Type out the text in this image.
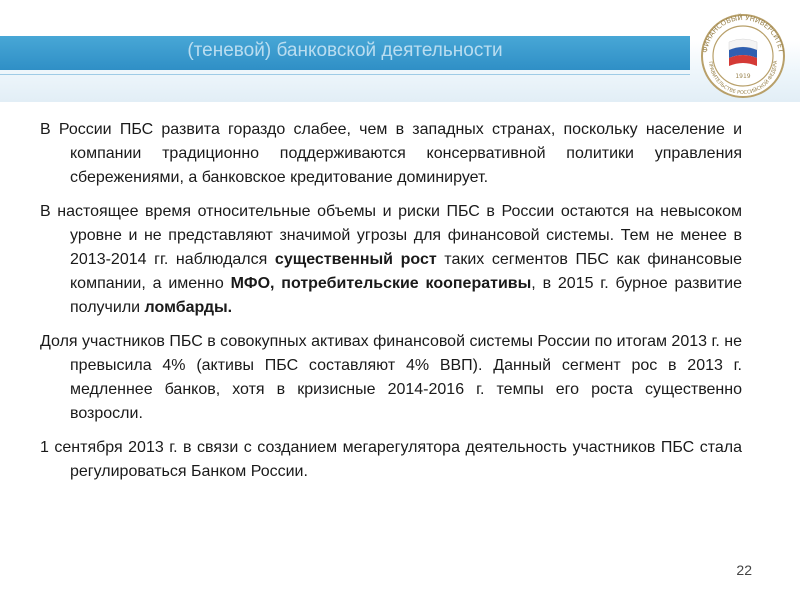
(теневой) банковской деятельности	ФИНАНСОВЫЙ УНИВЕРСИТЕТ
ПРАВИТЕЛЬСТВЕ РОССИЙСКОЙ ФЕДЕРА
1919

В России ПБС развита гораздо слабее, чем в западных странах, поскольку население и компании традиционно поддерживаются консервативной политики управления сбережениями, а банковское кредитование доминирует.

В настоящее время относительные объемы и риски ПБС в России остаются на невысоком уровне и не представляют значимой угрозы для финансовой системы. Тем не менее в 2013-2014 гг. наблюдался существенный рост таких сегментов ПБС как финансовые компании, а именно МФО, потребительские кооперативы, в 2015 г. бурное развитие получили ломбарды.

Доля участников ПБС в совокупных активах финансовой системы России по итогам 2013 г. не превысила 4% (активы ПБС составляют 4% ВВП). Данный сегмент рос в 2013 г. медленнее банков, хотя в кризисные 2014-2016 г. темпы его роста существенно возросли.

1 сентября 2013 г. в связи с созданием мегарегулятора деятельность участников ПБС стала регулироваться Банком России.

22
